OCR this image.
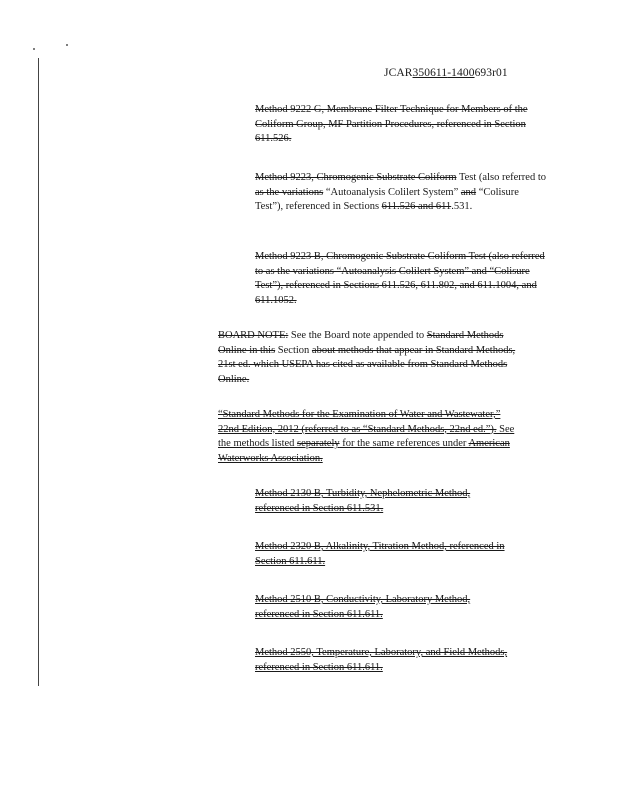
JCAR350611-1400693r01

Method 9222 G, Membrane Filter Technique for Members of the Coliform Group, MF Partition Procedures, referenced in Section 611.526.

Method 9223, Chromogenic Substrate Coliform Test (also referred to as the variations “Autoanalysis Colilert System” and “Colisure Test”), referenced in Sections 611.526 and 611.531.

Method 9223 B, Chromogenic Substrate Coliform Test (also referred to as the variations “Autoanalysis Colilert System” and “Colisure Test”), referenced in Sections 611.526, 611.802, and 611.1004, and 611.1052.

BOARD NOTE: See the Board note appended to Standard Methods Online in this Section about methods that appear in Standard Methods, 21st ed. which USEPA has cited as available from Standard Methods Online.

“Standard Methods for the Examination of Water and Wastewater,” 22nd Edition, 2012 (referred to as “Standard Methods, 22nd ed.”). See the methods listed separately for the same references under American Waterworks Association.

Method 2130 B, Turbidity, Nephelometric Method, referenced in Section 611.531.

Method 2320 B, Alkalinity, Titration Method, referenced in Section 611.611.

Method 2510 B, Conductivity, Laboratory Method, referenced in Section 611.611.

Method 2550, Temperature, Laboratory, and Field Methods, referenced in Section 611.611.
